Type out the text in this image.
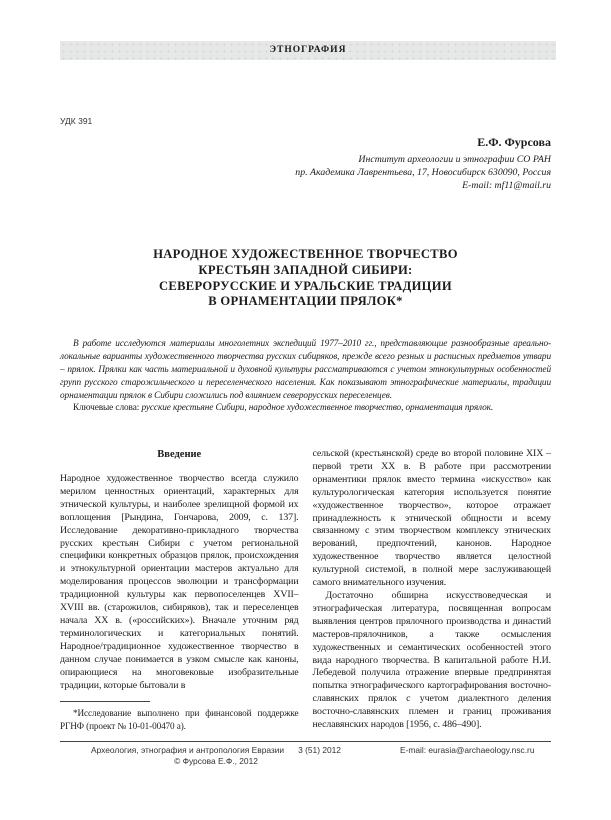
ЭТНОГРАФИЯ
УДК 391
Е.Ф. Фурсова
Институт археологии и этнографии СО РАН
пр. Академика Лаврентьева, 17, Новосибирск 630090, Россия
E-mail: mf11@mail.ru
НАРОДНОЕ ХУДОЖЕСТВЕННОЕ ТВОРЧЕСТВО
КРЕСТЬЯН ЗАПАДНОЙ СИБИРИ:
СЕВЕРОРУССКИЕ И УРАЛЬСКИЕ ТРАДИЦИИ
В ОРНАМЕНТАЦИИ ПРЯЛОК*
В работе исследуются материалы многолетних экспедиций 1977–2010 гг., представляющие разнообразные ареально-локальные варианты художественного творчества русских сибиряков, прежде всего резных и расписных предметов утвари – прялок. Прялки как часть материальной и духовной культуры рассматриваются с учетом этнокультурных особенностей групп русского старожильческого и переселенческого населения. Как показывают этнографические материалы, традиции орнаментации прялок в Сибири сложились под влиянием северорусских переселенцев.
Ключевые слова: русские крестьяне Сибири, народное художественное творчество, орнаментация прялок.
Введение

Народное художественное творчество всегда служило мерилом ценностных ориентаций, характерных для этнической культуры, и наиболее зрелищной формой их воплощения [Рындина, Гончарова, 2009, с. 137]. Исследование декоративно-прикладного творчества русских крестьян Сибири с учетом региональной специфики конкретных образцов прялок, происхождения и этнокультурной ориентации мастеров актуально для моделирования процессов эволюции и трансформации традиционной культуры как первопоселенцев XVII–XVIII вв. (старожилов, сибиряков), так и переселенцев начала XX в. («российских»). Вначале уточним ряд терминологических и категориальных понятий. Народное/традиционное художественное творчество в данном случае понимается в узком смысле как каноны, опирающиеся на многовековые изобразительные традиции, которые бытовали в

*Исследование выполнено при финансовой поддержке РГНФ (проект № 10-01-00470 а).

сельской (крестьянской) среде во второй половине XIX – первой трети XX в. В работе при рассмотрении орнаментики прялок вместо термина «искусство» как культурологическая категория используется понятие «художественное творчество», которое отражает принадлежность к этнической общности и всему связанному с этим творчеством комплексу этнических верований, предпочтений, канонов. Народное художественное творчество является целостной культурной системой, в полной мере заслуживающей самого внимательного изучения.

Достаточно обширна искусствоведческая и этнографическая литература, посвященная вопросам выявления центров прялочного производства и династий мастеров-прялочников, а также осмысления художественных и семантических особенностей этого вида народного творчества. В капитальной работе Н.И. Лебедевой получила отражение впервые предпринятая попытка этнографического картографирования восточно-славянских прялок с учетом диалектного деления восточно-славянских племен и границ проживания неславянских народов [1956, с. 486–490].

Археология, этнография и антропология Евразии 3 (51) 2012
© Фурсова Е.Ф., 2012
E-mail: eurasia@archaeology.nsc.ru
